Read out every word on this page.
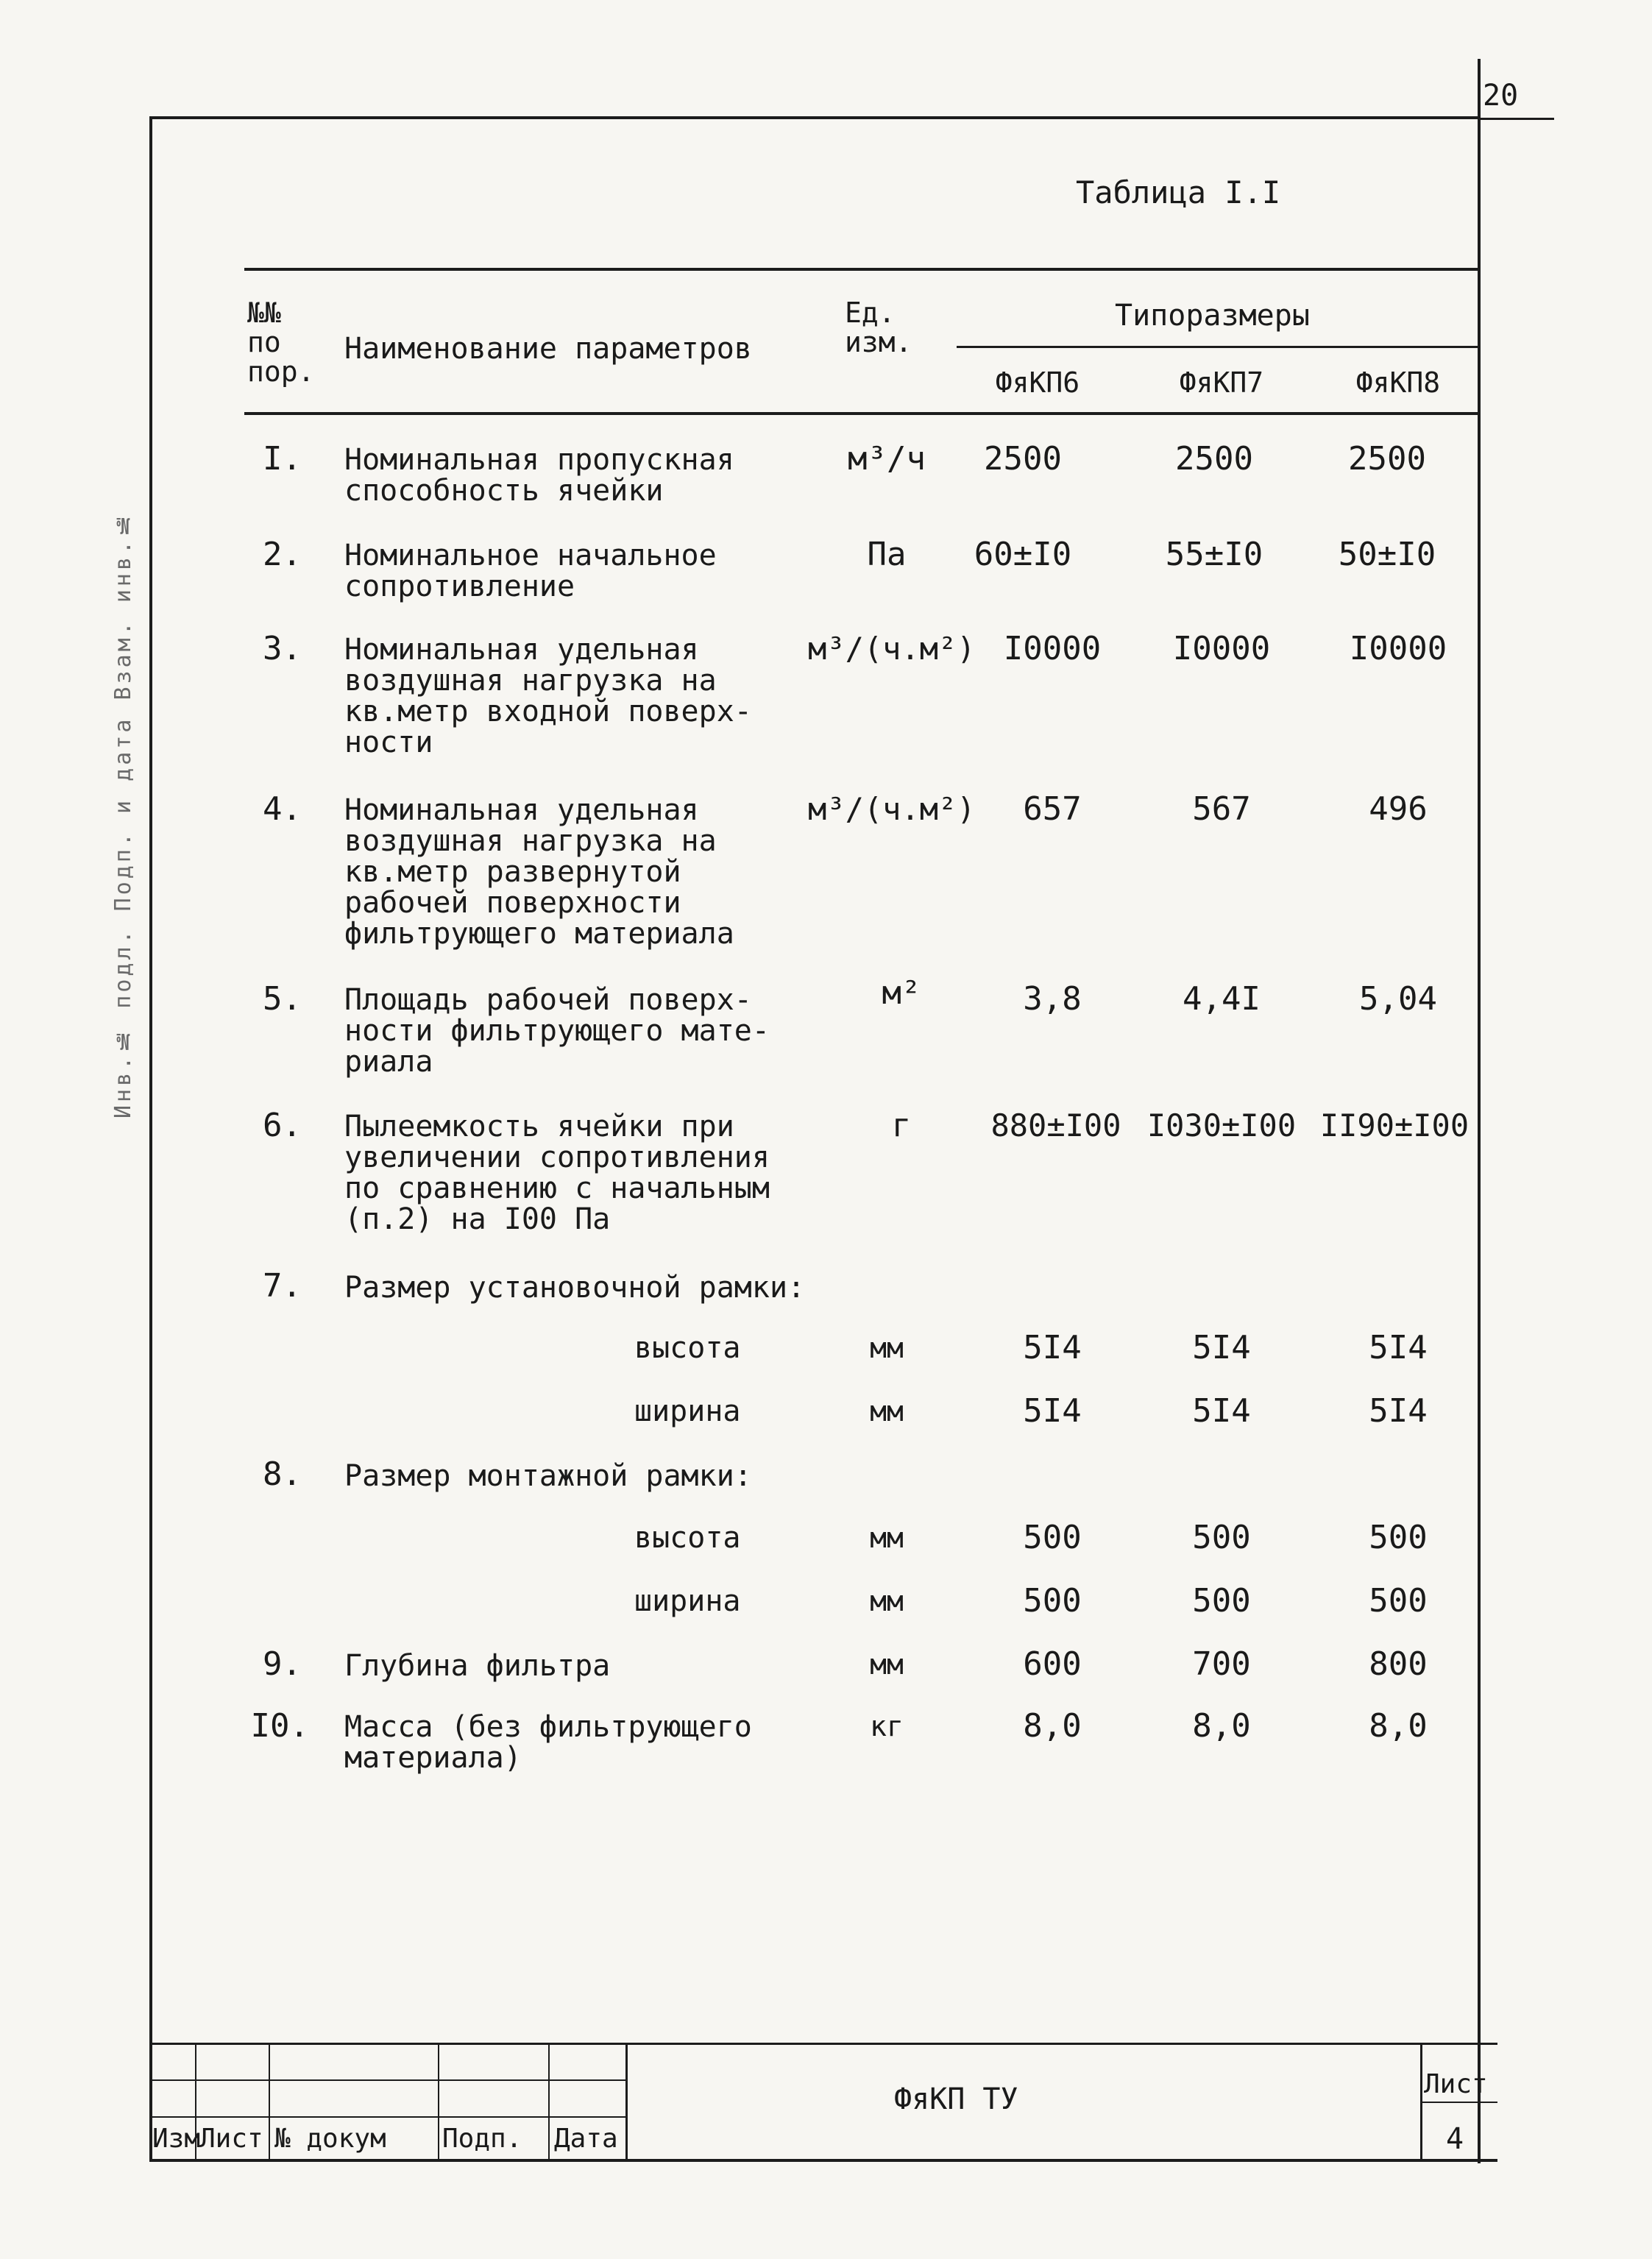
20
Инв.№ подл. Подп. и дата Взам. инв.№
Таблица I.I
№№
по
пор.
Наименование параметров
Ед.
изм.
Типоразмеры
ФяКП6	ФяКП7	ФяКП8
I. Номинальная пропускная
способность ячейки
м³/ч	2500	2500	2500
2. Номинальное начальное
сопротивление
Па	60±I0	55±I0	50±I0
3. Номинальная удельная
воздушная нагрузка на
кв.метр входной поверх-
ности
м³/(ч.м²) I0000	I0000	I0000
4. Номинальная удельная
воздушная нагрузка на
кв.метр развернутой
рабочей поверхности
фильтрующего материала
м³/(ч.м²)	657	567	496
5. Площадь рабочей поверх-
ности фильтрующего мате-
риала
м²	3,8	4,4I	5,04
6. Пылеемкость ячейки при
увеличении сопротивления
по сравнению с начальным
(п.2) на I00 Па
г	880±I00 I030±I00 II90±I00
7. Размер установочной рамки:
высота	мм	5I4	5I4	5I4
ширина	мм	5I4	5I4	5I4
8. Размер монтажной рамки:
высота	мм	500	500	500
ширина	мм	500	500	500
9. Глубина фильтра	мм	600	700	800
I0. Масса (без фильтрующего
материала)
кг	8,0	8,0	8,0
Изм
Лист № докум Подп. Дата
ФяКП ТУ	Лист
4
